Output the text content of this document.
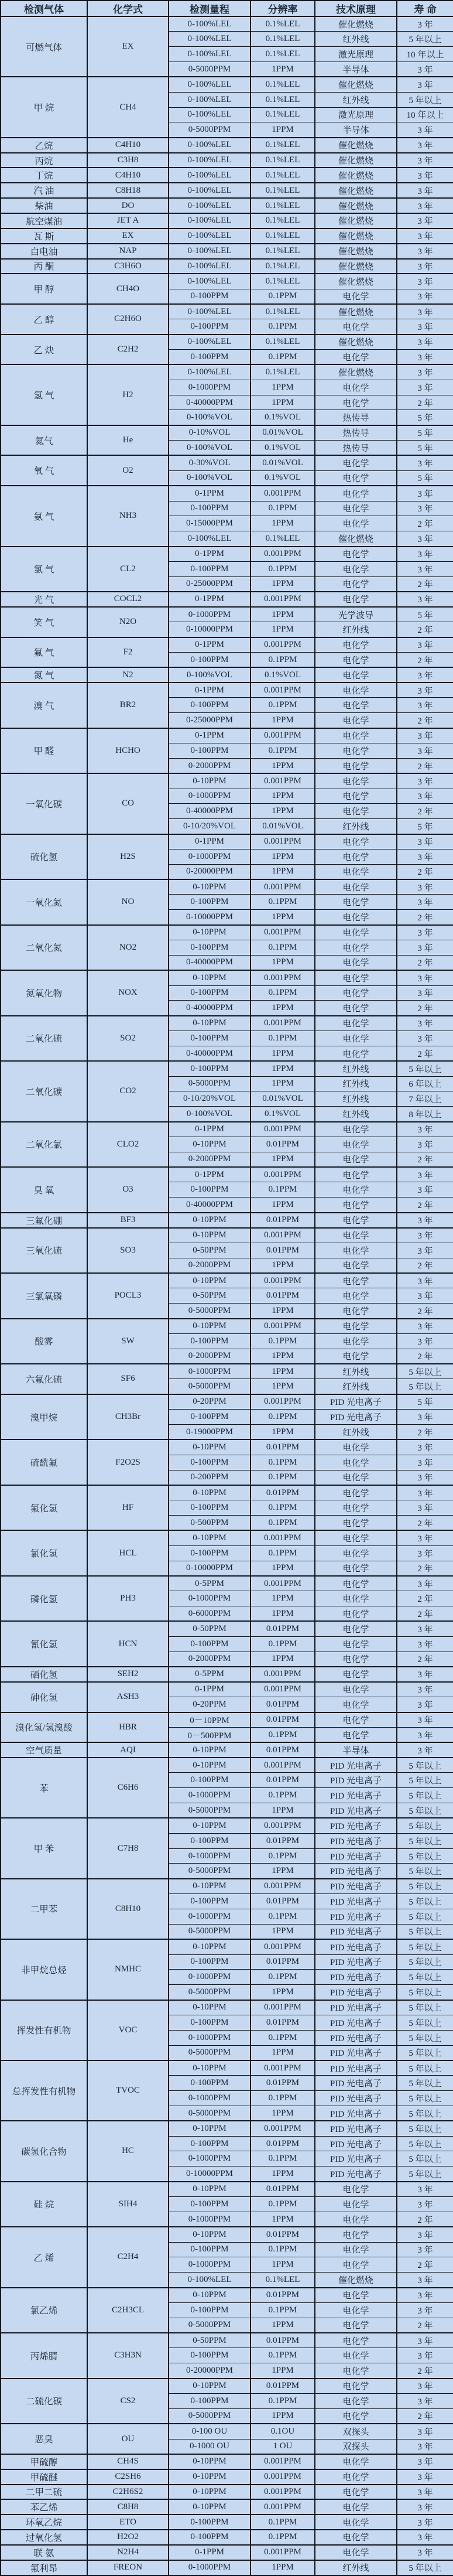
检测气体	化学式	检测量程	分辨率	技术原理	寿 命
可燃气体	EX	0-100%LEL	0.1%LEL	催化燃烧	3 年
		0-100%LEL	0.1%LEL	红外线	5 年以上
		0-100%LEL	0.1%LEL	激光原理	10 年以上
		0-5000PPM	1PPM	半导体	3 年
甲 烷	CH4	0-100%LEL	0.1%LEL	催化燃烧	3 年
		0-100%LEL	0.1%LEL	红外线	5 年以上
		0-100%LEL	0.1%LEL	激光原理	10 年以上
		0-5000PPM	1PPM	半导体	3 年
乙烷	C4H10	0-100%LEL	0.1%LEL	催化燃烧	3 年
丙烷	C3H8	0-100%LEL	0.1%LEL	催化燃烧	3 年
丁烷	C4H10	0-100%LEL	0.1%LEL	催化燃烧	3 年
汽 油	C8H18	0-100%LEL	0.1%LEL	催化燃烧	3 年
柴油	DO	0-100%LEL	0.1%LEL	催化燃烧	3 年
航空煤油	JET A	0-100%LEL	0.1%LEL	催化燃烧	3 年
瓦 斯	EX	0-100%LEL	0.1%LEL	催化燃烧	3 年
白电油	NAP	0-100%LEL	0.1%LEL	催化燃烧	3 年
丙 酮	C3H6O	0-100%LEL	0.1%LEL	催化燃烧	3 年
甲 醇	CH4O	0-100%LEL	0.1%LEL	催化燃烧	3 年
		0-100PPM	0.1PPM	电化学	3 年
乙 醇	C2H6O	0-100%LEL	0.1%LEL	催化燃烧	3 年
		0-100PPM	0.1PPM	电化学	3 年
乙 炔	C2H2	0-100%LEL	0.1%LEL	催化燃烧	3 年
		0-100PPM	0.1PPM	电化学	3 年
氢 气	H2	0-100%LEL	0.1%LEL	催化燃烧	3 年
		0-1000PPM	1PPM	电化学	3 年
		0-40000PPM	1PPM	电化学	2 年
		0-100%VOL	0.1%VOL	热传导	5 年
氦气	He	0-10%VOL	0.01%VOL	热传导	5 年
		0-100%VOL	0.1%VOL	热传导	5 年
氧 气	O2	0-30%VOL	0.01%VOL	电化学	3 年
		0-100%VOL	0.1%VOL	电化学	5 年
氨 气	NH3	0-1PPM	0.001PPM	电化学	3 年
		0-100PPM	0.1PPM	电化学	3 年
		0-15000PPM	1PPM	电化学	2 年
		0-100%LEL	0.1%LEL	催化燃烧	3 年
氯 气	CL2	0-1PPM	0.001PPM	电化学	3 年
		0-100PPM	0.1PPM	电化学	3 年
		0-25000PPM	1PPM	电化学	2 年
光 气	COCL2	0-1PPM	0.001PPM	电化学	3 年
笑 气	N2O	0-1000PPM	1PPM	光学波导	5 年
		0-10000PPM	1PPM	红外线	2 年
氟 气	F2	0-1PPM	0.001PPM	电化学	3 年
		0-100PPM	0.1PPM	电化学	2 年
氮 气	N2	0-100%VOL	0.1%VOL	电化学	3 年
溴 气	BR2	0-1PPM	0.001PPM	电化学	3 年
		0-100PPM	0.1PPM	电化学	3 年
		0-25000PPM	1PPM	电化学	2 年
甲 醛	HCHO	0-1PPM	0.001PPM	电化学	3 年
		0-100PPM	0.1PPM	电化学	3 年
		0-2000PPM	1PPM	电化学	2 年
一氧化碳	CO	0-10PPM	0.001PPM	电化学	3 年
		0-1000PPM	1PPM	电化学	3 年
		0-40000PPM	1PPM	电化学	2 年
		0-10/20%VOL	0.01%VOL	红外线	5 年
硫化氢	H2S	0-1PPM	0.001PPM	电化学	3 年
		0-1000PPM	1PPM	电化学	3 年
		0-20000PPM	1PPM	电化学	2 年
一氧化氮	NO	0-10PPM	0.001PPM	电化学	3 年
		0-100PPM	0.1PPM	电化学	3 年
		0-10000PPM	1PPM	电化学	2 年
二氧化氮	NO2	0-10PPM	0.001PPM	电化学	3 年
		0-100PPM	0.1PPM	电化学	3 年
		0-40000PPM	1PPM	电化学	2 年
氮氧化物	NOX	0-10PPM	0.001PPM	电化学	3 年
		0-100PPM	0.1PPM	电化学	3 年
		0-40000PPM	1PPM	电化学	2 年
二氧化硫	SO2	0-10PPM	0.001PPM	电化学	3 年
		0-100PPM	0.1PPM	电化学	3 年
		0-40000PPM	1PPM	电化学	2 年
二氧化碳	CO2	0-100PPM	1PPM	红外线	5 年以上
		0-5000PPM	1PPM	红外线	6 年以上
		0-10/20%VOL	0.01%VOL	红外线	7 年以上
		0-100%VOL	0.1%VOL	红外线	8 年以上
二氧化氯	CLO2	0-1PPM	0.001PPM	电化学	3 年
		0-10PPM	0.01PPM	电化学	3 年
		0-2000PPM	1PPM	电化学	2 年
臭 氧	O3	0-1PPM	0.001PPM	电化学	3 年
		0-100PPM	0.1PPM	电化学	3 年
		0-40000PPM	1PPM	电化学	2 年
三氟化硼	BF3	0-10PPM	0.01PPM	电化学	3 年
三氧化硫	SO3	0-10PPM	0.001PPM	电化学	3 年
		0-50PPM	0.01PPM	电化学	3 年
		0-2000PPM	1PPM	电化学	2 年
三氯氧磷	POCL3	0-10PPM	0.001PPM	电化学	3 年
		0-50PPM	0.01PPM	电化学	3 年
		0-5000PPM	1PPM	电化学	2 年
酸雾	SW	0-10PPM	0.001PPM	电化学	3 年
		0-100PPM	0.1PPM	电化学	3 年
		0-2000PPM	1PPM	电化学	2 年
六氟化硫	SF6	0-1000PPM	1PPM	红外线	5 年以上
		0-5000PPM	1PPM	红外线	5 年以上
溴甲烷	CH3Br	0-20PPM	0.001PPM	PID 光电离子	5 年
		0-100PPM	0.1PPM	PID 光电离子	3 年
		0-19000PPM	1PPM	红外线	2 年
硫酰氟	F2O2S	0-10PPM	0.01PPM	电化学	3 年
		0-100PPM	0.1PPM	电化学	3 年
		0-200PPM	0.1PPM	电化学	3 年
氟化氢	HF	0-10PPM	0.01PPM	电化学	3 年
		0-100PPM	0.1PPM	电化学	3 年
		0-500PPM	0.1PPM	电化学	2 年
氯化氢	HCL	0-10PPM	0.001PPM	电化学	3 年
		0-100PPM	0.1PPM	电化学	3 年
		0-10000PPM	1PPM	电化学	2 年
磷化氢	PH3	0-5PPM	0.001PPM	电化学	3 年
		0-1000PPM	1PPM	电化学	2 年
		0-6000PPM	1PPM	电化学	2 年
氰化氢	HCN	0-50PPM	0.01PPM	电化学	3 年
		0-100PPM	0.1PPM	电化学	3 年
		0-2000PPM	1PPM	电化学	2 年
硒化氢	SEH2	0-5PPM	0.001PPM	电化学	3 年
砷化氢	ASH3	0-1PPM	0.001PPM	电化学	3 年
		0-20PPM	0.01PPM	电化学	3 年
溴化氢/氢溴酸	HBR	0－10PPM	0.01PPM	电化学	3 年
		0－500PPM	0.1PPM	电化学	3 年
空气质量	AQI	0-10PPM	0.01PPM	半导体	3 年
苯	C6H6	0-10PPM	0.001PPM	PID 光电离子	5 年以上
		0-100PPM	0.01PPM	PID 光电离子	5 年以上
		0-1000PPM	0.1PPM	PID 光电离子	5 年以上
		0-5000PPM	1PPM	PID 光电离子	5 年以上
甲 苯	C7H8	0-10PPM	0.001PPM	PID 光电离子	5 年以上
		0-100PPM	0.01PPM	PID 光电离子	5 年以上
		0-1000PPM	0.1PPM	PID 光电离子	5 年以上
		0-5000PPM	1PPM	PID 光电离子	5 年以上
二甲苯	C8H10	0-10PPM	0.001PPM	PID 光电离子	5 年以上
		0-100PPM	0.01PPM	PID 光电离子	5 年以上
		0-1000PPM	0.1PPM	PID 光电离子	5 年以上
		0-5000PPM	1PPM	PID 光电离子	5 年以上
非甲烷总烃	NMHC	0-10PPM	0.001PPM	PID 光电离子	5 年以上
		0-100PPM	0.01PPM	PID 光电离子	5 年以上
		0-1000PPM	0.1PPM	PID 光电离子	5 年以上
		0-5000PPM	1PPM	PID 光电离子	5 年以上
挥发性有机物	VOC	0-10PPM	0.001PPM	PID 光电离子	5 年以上
		0-100PPM	0.01PPM	PID 光电离子	5 年以上
		0-1000PPM	0.1PPM	PID 光电离子	5 年以上
		0-5000PPM	1PPM	PID 光电离子	5 年以上
总挥发性有机物	TVOC	0-10PPM	0.001PPM	PID 光电离子	5 年以上
		0-100PPM	0.01PPM	PID 光电离子	5 年以上
		0-1000PPM	0.1PPM	PID 光电离子	5 年以上
		0-5000PPM	1PPM	PID 光电离子	5 年以上
碳氢化合物	HC	0-10PPM	0.001PPM	PID 光电离子	5 年以上
		0-100PPM	0.01PPM	PID 光电离子	5 年以上
		0-1000PPM	0.1PPM	PID 光电离子	5 年以上
		0-10000PPM	1PPM	PID 光电离子	5 年以上
硅 烷	SIH4	0-10PPM	0.01PPM	电化学	3 年
		0-100PPM	0.1PPM	电化学	3 年
		0-1000PPM	1PPM	电化学	2 年
乙 烯	C2H4	0-10PPM	0.01PPM	电化学	3 年
		0-100PPM	0.1PPM	电化学	3 年
		0-1000PPM	1PPM	电化学	2 年
		0-100%LEL	0.1%LEL	催化燃烧	3 年
氯乙烯	C2H3CL	0-10PPM	0.01PPM	电化学	3 年
		0-100PPM	0.1PPM	电化学	3 年
		0-5000PPM	1PPM	电化学	2 年
丙烯腈	C3H3N	0-50PPM	0.01PPM	电化学	3 年
		0-100PPM	0.1PPM	电化学	3 年
		0-20000PPM	1PPM	电化学	2 年
二硫化碳	CS2	0-10PPM	0.01PPM	电化学	3 年
		0-100PPM	0.1PPM	电化学	3 年
		0-5000PPM	1PPM	电化学	2 年
恶臭	OU	0-100 OU	0.1OU	双探头	3 年
		0-1000 OU	1 OU	双探头	3 年
甲硫醇	CH4S	0-10PPM	0.001PPM	电化学	3 年
甲硫醚	C2SH6	0-10PPM	0.001PPM	电化学	3 年
二甲二硫	C2H6S2	0-10PPM	0.001PPM	电化学	3 年
苯乙烯	C8H8	0-10PPM	0.001PPM	电化学	3 年
环氧乙烷	ETO	0-100PPM	0.1PPM	电化学	3 年
过氧化氢	H2O2	0-100PPM	0.1PPM	电化学	3 年
联 氨	N2H4	0-1PPM	0.001PPM	电化学	3 年
氟利昂	FREON	0-1000PPM	1PPM	红外线	5 年以上
